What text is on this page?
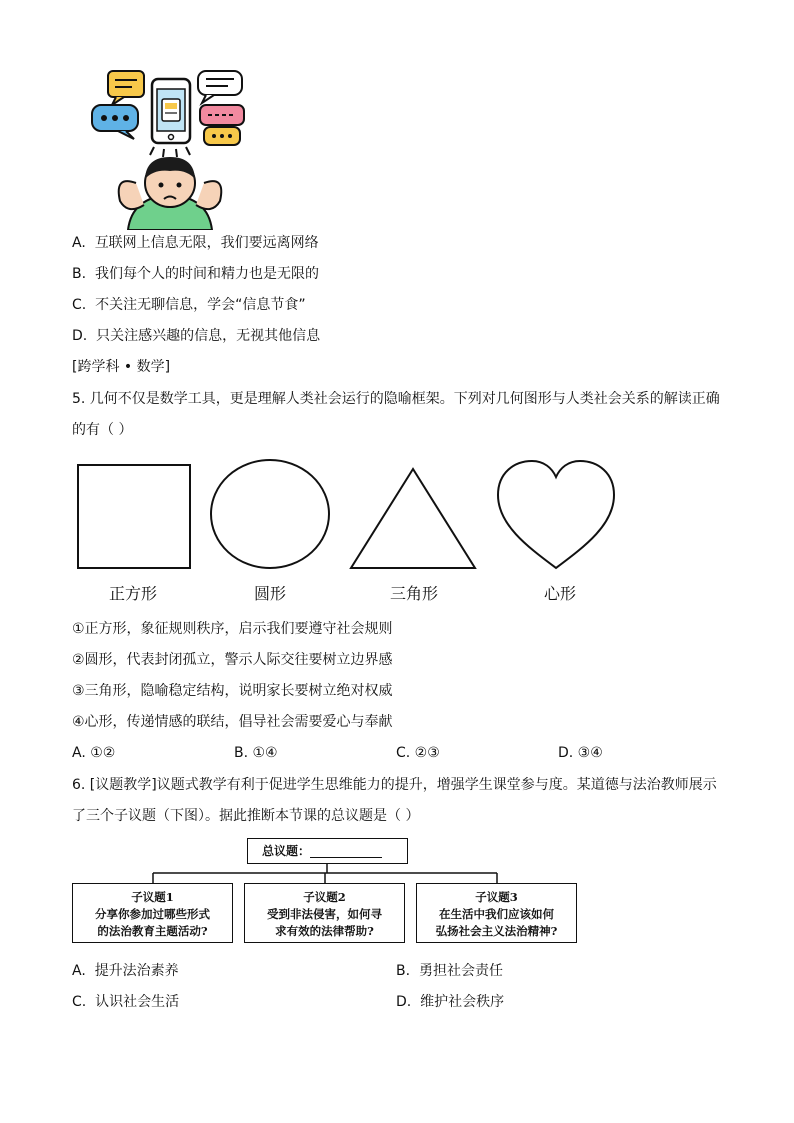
A. 互联网上信息无限，我们要远离网络
B. 我们每个人的时间和精力也是无限的
C. 不关注无聊信息，学会“信息节食”
D. 只关注感兴趣的信息，无视其他信息
[跨学科 • 数学]
5. 几何不仅是数学工具，更是理解人类社会运行的隐喻框架。下列对几何图形与人类社会关系的解读正确
的有（ ）
正方形	圆形	三角形	心形
①正方形，象征规则秩序，启示我们要遵守社会规则
②圆形，代表封闭孤立，警示人际交往要树立边界感
③三角形，隐喻稳定结构，说明家长要树立绝对权威
④心形，传递情感的联结，倡导社会需要爱心与奉献
A. ①②	B. ①④	C. ②③	D. ③④
6. [议题教学]议题式教学有利于促进学生思维能力的提升，增强学生课堂参与度。某道德与法治教师展示
了三个子议题（下图）。据此推断本节课的总议题是（ ）
总议题：
子议题1
分享你参加过哪些形式
的法治教育主题活动?
子议题2
受到非法侵害，如何寻
求有效的法律帮助?
子议题3
在生活中我们应该如何
弘扬社会主义法治精神?
A. 提升法治素养	B. 勇担社会责任
C. 认识社会生活	D. 维护社会秩序
